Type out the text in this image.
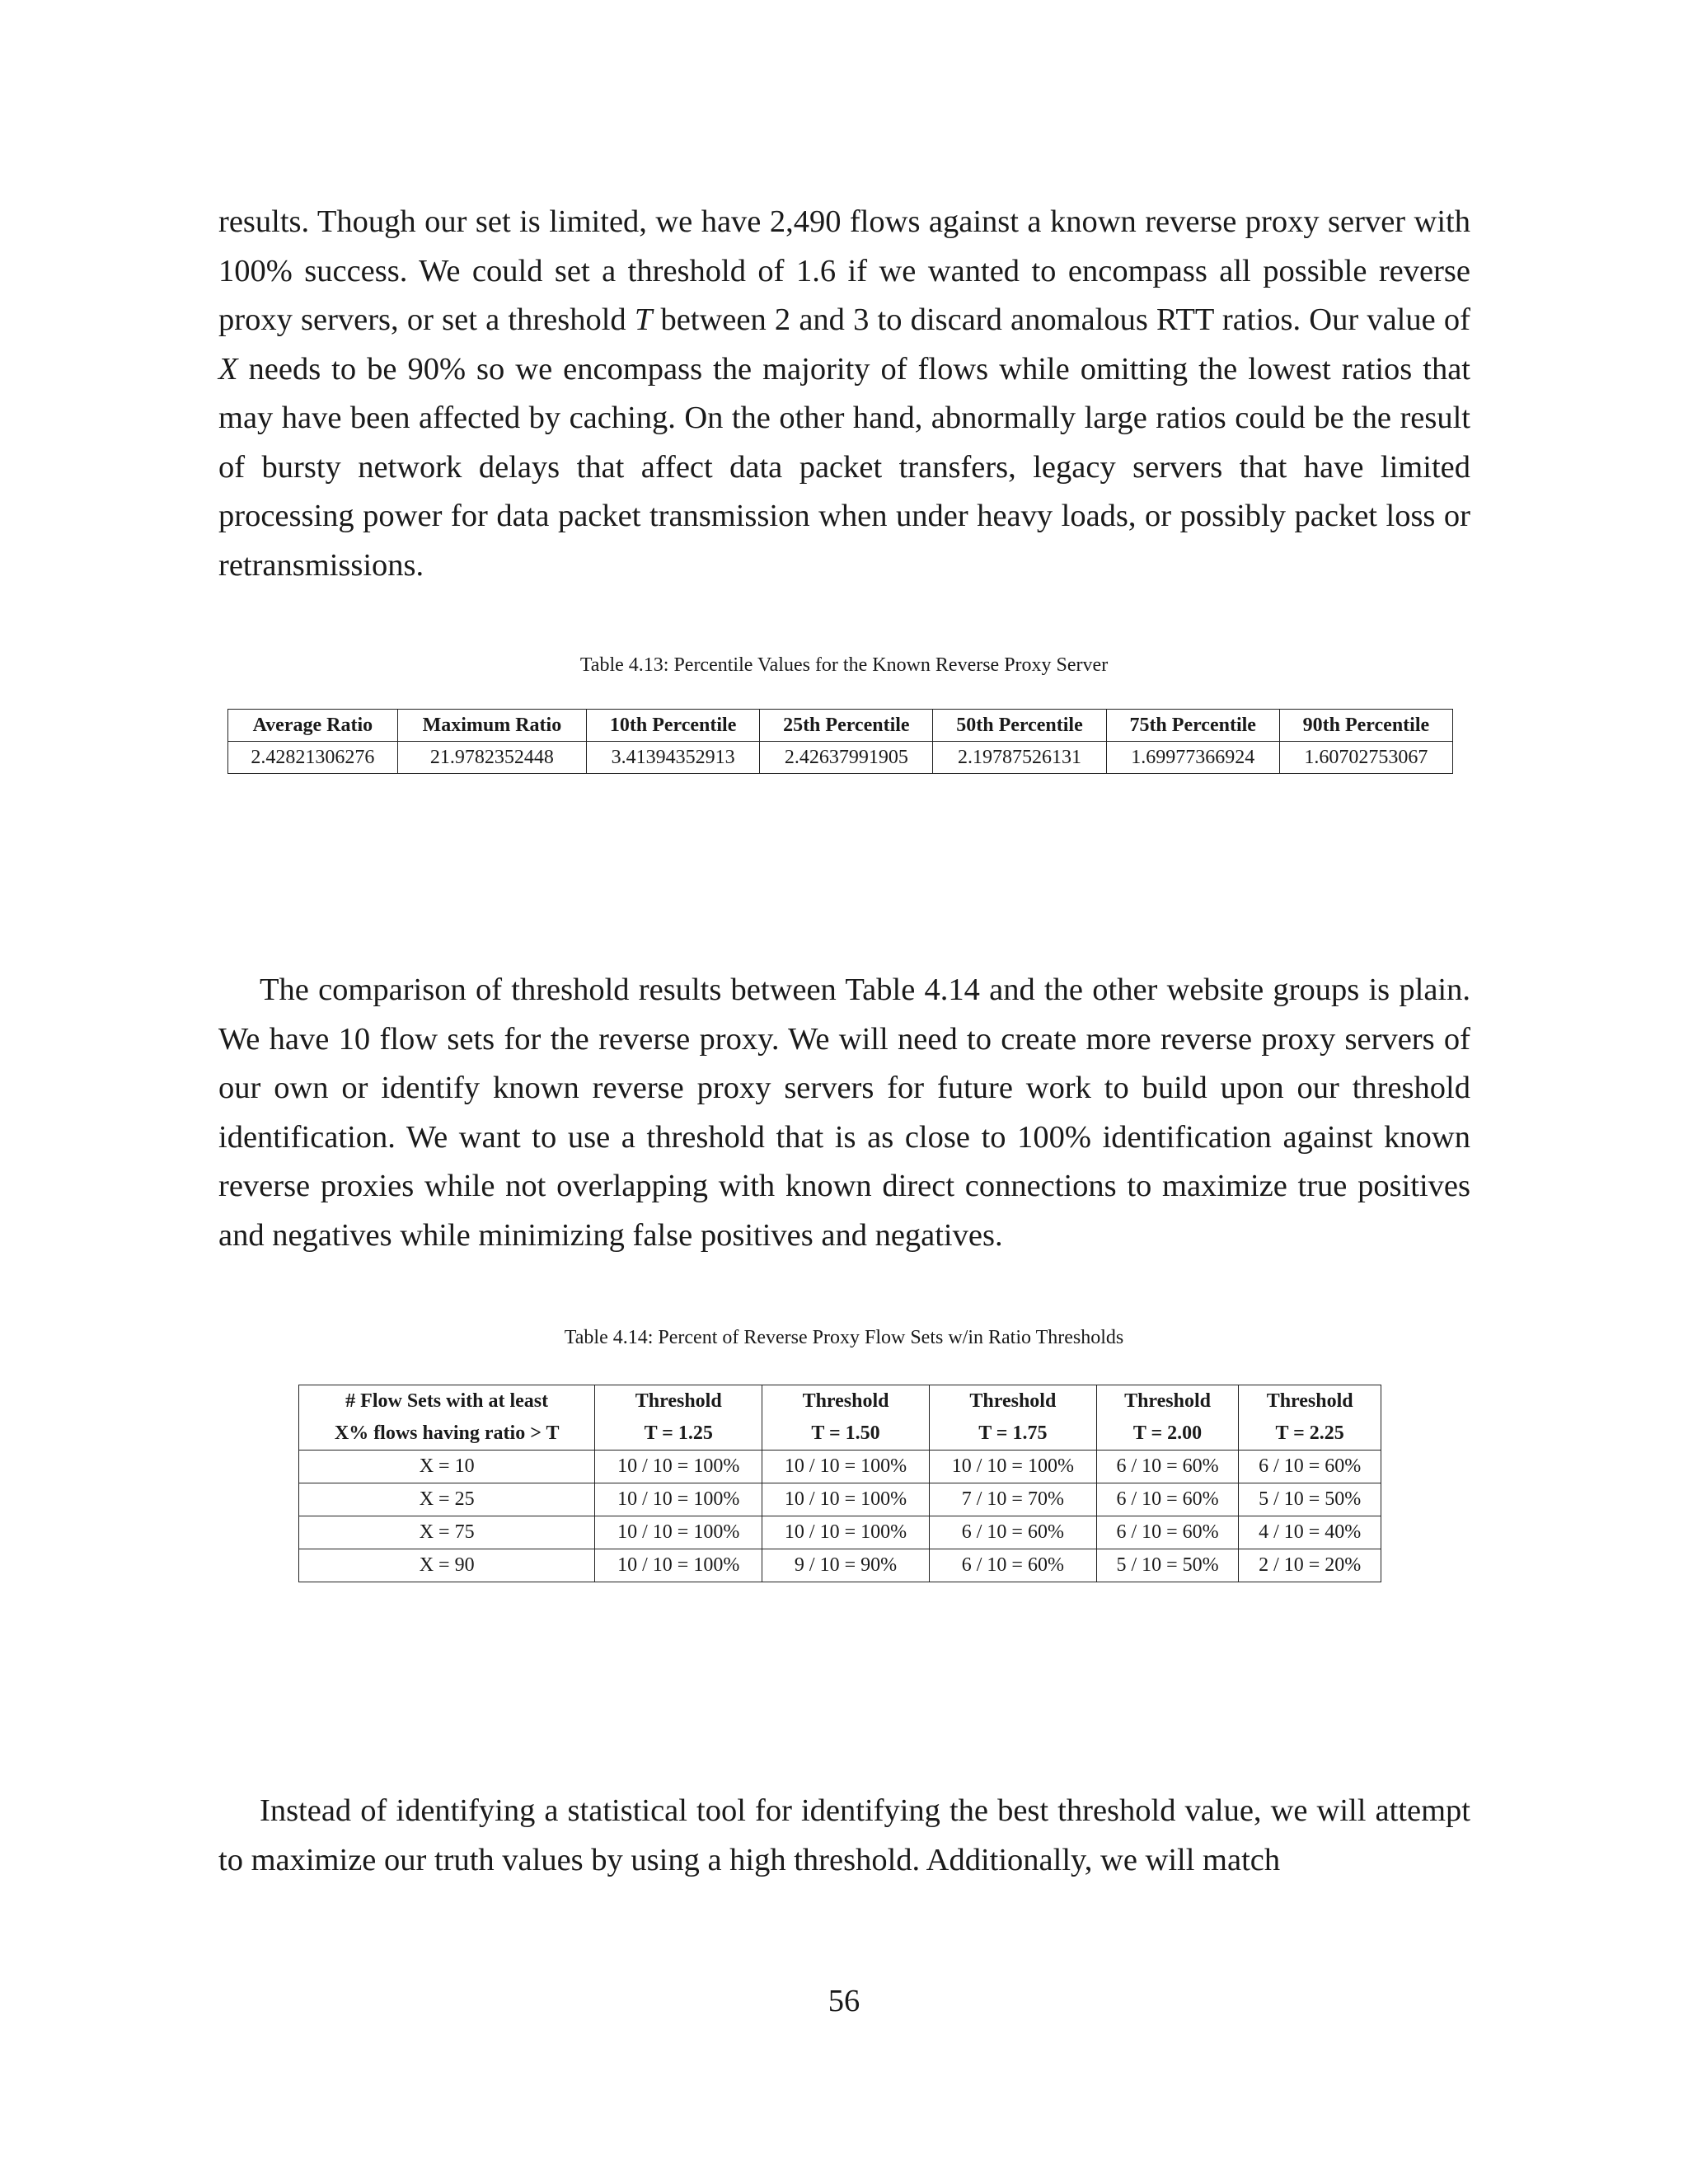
results. Though our set is limited, we have 2,490 flows against a known reverse proxy server with 100% success. We could set a threshold of 1.6 if we wanted to encompass all possible reverse proxy servers, or set a threshold T between 2 and 3 to discard anomalous RTT ratios. Our value of X needs to be 90% so we encompass the majority of flows while omitting the lowest ratios that may have been affected by caching. On the other hand, abnormally large ratios could be the result of bursty network delays that affect data packet transfers, legacy servers that have limited processing power for data packet transmission when under heavy loads, or possibly packet loss or retransmissions.

Table 4.13: Percentile Values for the Known Reverse Proxy Server
Average Ratio	Maximum Ratio	10th Percentile	25th Percentile	50th Percentile	75th Percentile	90th Percentile
2.42821306276	21.9782352448	3.41394352913	2.42637991905	2.19787526131	1.69977366924	1.60702753067

The comparison of threshold results between Table 4.14 and the other website groups is plain. We have 10 flow sets for the reverse proxy. We will need to create more reverse proxy servers of our own or identify known reverse proxy servers for future work to build upon our threshold identification. We want to use a threshold that is as close to 100% identification against known reverse proxies while not overlapping with known direct connections to maximize true positives and negatives while minimizing false positives and negatives.

Table 4.14: Percent of Reverse Proxy Flow Sets w/in Ratio Thresholds
# Flow Sets with at least	Threshold	Threshold	Threshold	Threshold	Threshold
X% flows having ratio > T	T = 1.25	T = 1.50	T = 1.75	T = 2.00	T = 2.25
X = 10	10 / 10 = 100%	10 / 10 = 100%	10 / 10 = 100%	6 / 10 = 60%	6 / 10 = 60%
X = 25	10 / 10 = 100%	10 / 10 = 100%	7 / 10 = 70%	6 / 10 = 60%	5 / 10 = 50%
X = 75	10 / 10 = 100%	10 / 10 = 100%	6 / 10 = 60%	6 / 10 = 60%	4 / 10 = 40%
X = 90	10 / 10 = 100%	9 / 10 = 90%	6 / 10 = 60%	5 / 10 = 50%	2 / 10 = 20%

Instead of identifying a statistical tool for identifying the best threshold value, we will attempt to maximize our truth values by using a high threshold. Additionally, we will match

56
